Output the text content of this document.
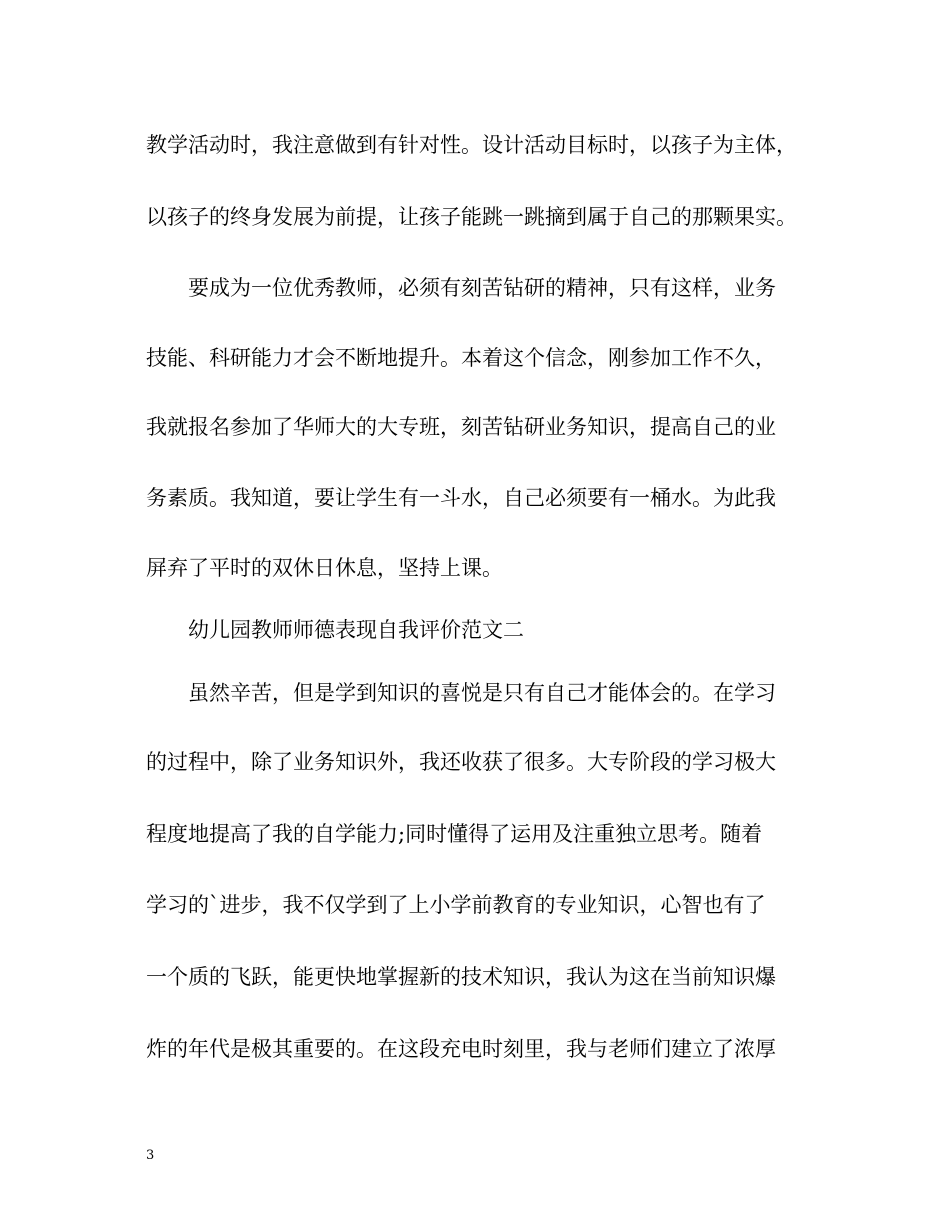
教学活动时，我注意做到有针对性。设计活动目标时，以孩子为主体，
以孩子的终身发展为前提，让孩子能跳一跳摘到属于自己的那颗果实。
要成为一位优秀教师，必须有刻苦钻研的精神，只有这样，业务
技能、科研能力才会不断地提升。本着这个信念，刚参加工作不久，
我就报名参加了华师大的大专班，刻苦钻研业务知识，提高自己的业
务素质。我知道，要让学生有一斗水，自己必须要有一桶水。为此我
屏弃了平时的双休日休息，坚持上课。
幼儿园教师师德表现自我评价范文二
虽然辛苦，但是学到知识的喜悦是只有自己才能体会的。在学习
的过程中，除了业务知识外，我还收获了很多。大专阶段的学习极大
程度地提高了我的自学能力;同时懂得了运用及注重独立思考。随着
学习的`进步，我不仅学到了上小学前教育的专业知识，心智也有了
一个质的飞跃，能更快地掌握新的技术知识，我认为这在当前知识爆
炸的年代是极其重要的。在这段充电时刻里，我与老师们建立了浓厚
3
